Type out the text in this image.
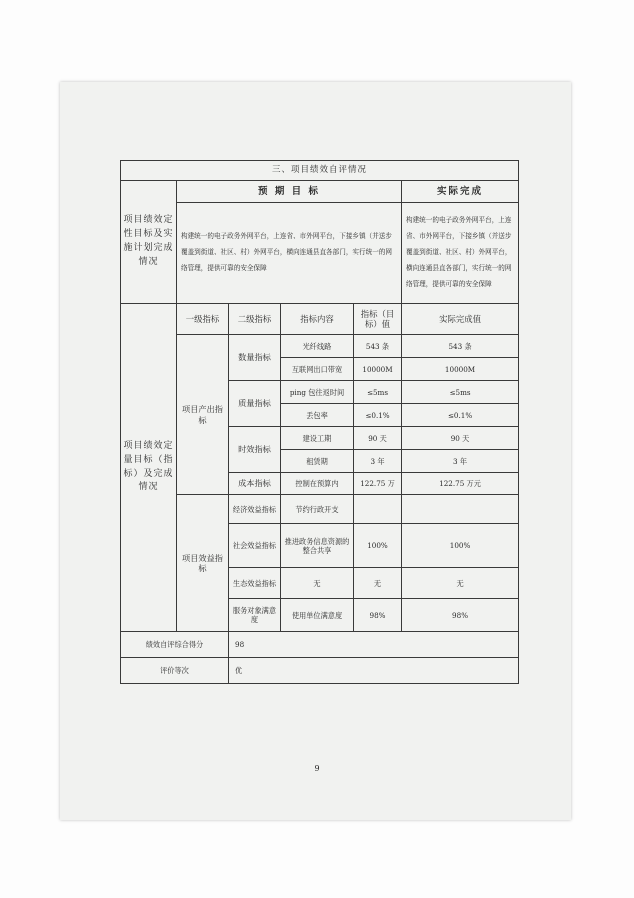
三、项目绩效自评情况					
项目绩效定性目标及实施计划完成情况	预 期 目 标				实际完成
	构建统一的电子政务外网平台，上连省、市外网平台，下接乡镇（并送步覆盖到街道、社区、村）外网平台，横向连通县直各部门，实行统一的网络管理，提供可靠的安全保障				构建统一的电子政务外网平台，上连省、市外网平台，下接乡镇（并送步覆盖到街道、社区、村）外网平台，横向连通县直各部门，实行统一的网络管理，提供可靠的安全保障
项目绩效定量目标（指标）及完成情况	一级指标	二级指标	指标内容	指标（目标）值	实际完成值
	项目产出指标	数量指标	光纤线路	543 条	543 条
			互联网出口带宽	10000M	10000M
		质量指标	ping 包往返时间	≤5ms	≤5ms
			丢包率	≤0.1%	≤0.1%
		时效指标	建设工期	90 天	90 天
			租赁期	3 年	3 年
		成本指标	控制在预算内	122.75 万	122.75 万元
	项目效益指标	经济效益指标	节约行政开支		
		社会效益指标	推进政务信息资源的整合共享	100%	100%
		生态效益指标	无	无	无
		服务对象满意度	使用单位满意度	98%	98%
绩效自评综合得分		98			
评价等次		优			
9
